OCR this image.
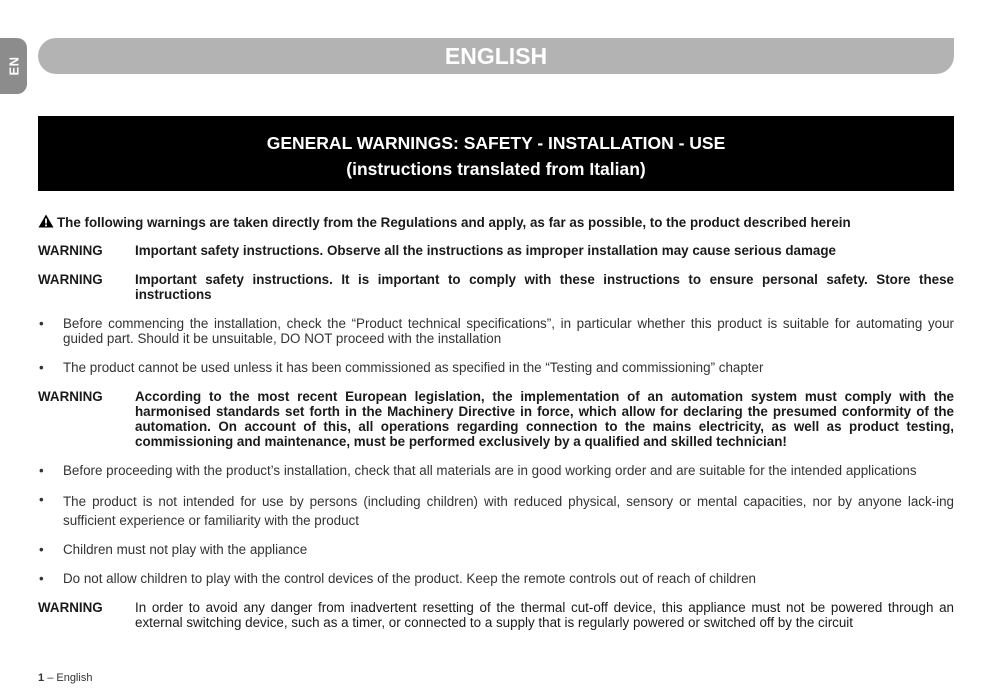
EN	ENGLISH
GENERAL WARNINGS: SAFETY - INSTALLATION - USE
(instructions translated from Italian)
The following warnings are taken directly from the Regulations and apply, as far as possible, to the product described herein
WARNING	Important safety instructions. Observe all the instructions as improper installation may cause serious damage
WARNING	Important safety instructions. It is important to comply with these instructions to ensure personal safety. Store these instructions
•	Before commencing the installation, check the “Product technical specifications”, in particular whether this product is suitable for automating your guided part. Should it be unsuitable, DO NOT proceed with the installation
•	The product cannot be used unless it has been commissioned as specified in the “Testing and commissioning” chapter
WARNING	According to the most recent European legislation, the implementation of an automation system must comply with the harmonised standards set forth in the Machinery Directive in force, which allow for declaring the presumed conformity of the automation. On account of this, all operations regarding connection to the mains electricity, as well as product testing, commissioning and maintenance, must be performed exclusively by a qualified and skilled technician!
•	Before proceeding with the product’s installation, check that all materials are in good working order and are suitable for the intended applications
•	The product is not intended for use by persons (including children) with reduced physical, sensory or mental capacities, nor by anyone lack-ing sufficient experience or familiarity with the product
•	Children must not play with the appliance
•	Do not allow children to play with the control devices of the product. Keep the remote controls out of reach of children
WARNING	In order to avoid any danger from inadvertent resetting of the thermal cut-off device, this appliance must not be powered through an external switching device, such as a timer, or connected to a supply that is regularly powered or switched off by the circuit
1 – English
